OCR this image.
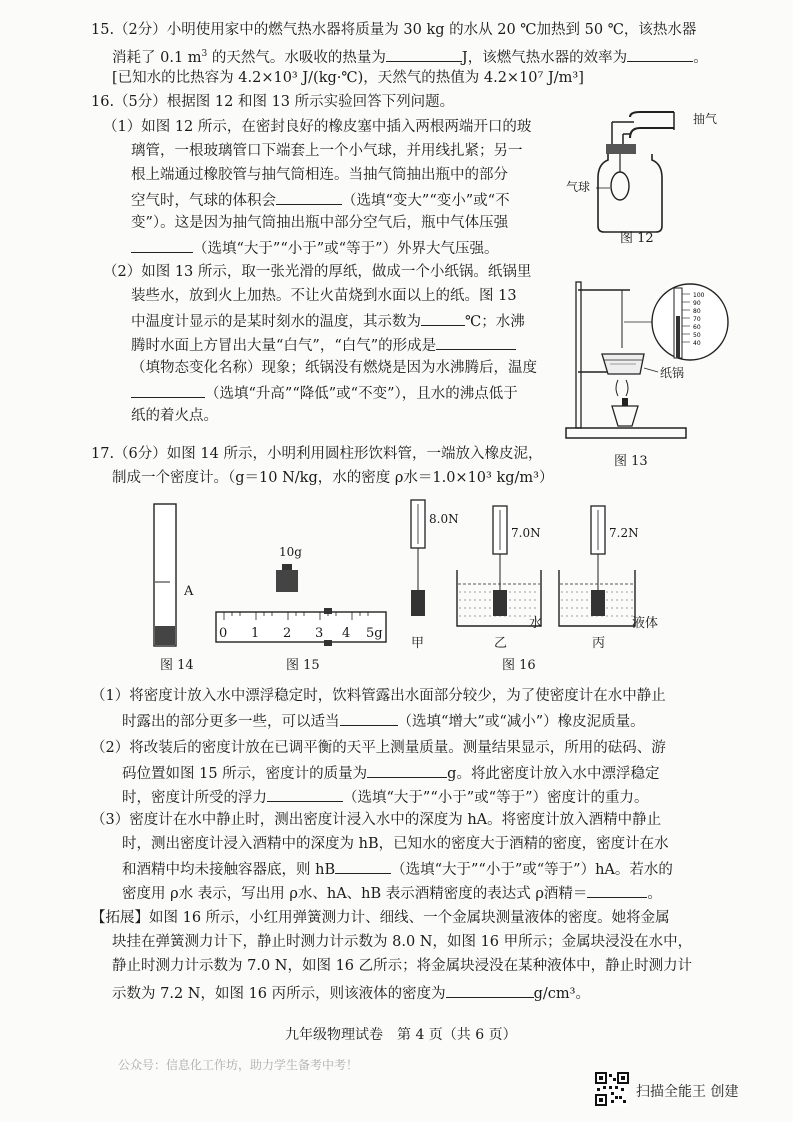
15.（2分）小明使用家中的燃气热水器将质量为 30 kg 的水从 20 ℃加热到 50 ℃，该热水器
消耗了 0.1 $m^3$ 的天然气。水吸收的热量为	J，该燃气热水器的效率为	。
[已知水的比热容为 4.2×10³ J/(kg·℃)，天然气的热值为 4.2×10⁷ J/m³]
16.（5分）根据图 12 和图 13 所示实验回答下列问题。
（1）如图 12 所示，在密封良好的橡皮塞中插入两根两端开口的玻
璃管，一根玻璃管口下端套上一个小气球，并用线扎紧；另一
根上端通过橡胶管与抽气筒相连。当抽气筒抽出瓶中的部分
空气时，气球的体积会	（选填“变大”“变小”或“不
变”）。这是因为抽气筒抽出瓶中部分空气后，瓶中气体压强
（选填“大于”“小于”或“等于”）外界大气压强。
（2）如图 13 所示，取一张光滑的厚纸，做成一个小纸锅。纸锅里
装些水，放到火上加热。不让火苗烧到水面以上的纸。图 13
中温度计显示的是某时刻水的温度，其示数为	℃；水沸
腾时水面上方冒出大量“白气”，“白气”的形成是
（填物态变化名称）现象；纸锅没有燃烧是因为水沸腾后，温度
（选填“升高”“降低”或“不变”），且水的沸点低于
纸的着火点。
抽气
气球
图 12
100
90
80
70
60
50
40
纸锅
图 13
17.（6分）如图 14 所示，小明利用圆柱形饮料管，一端放入橡皮泥，
制成一个密度计。（g＝10 N/kg，水的密度 ρ水＝1.0×10³ kg/m³）
A
图 14
10g
0 1 2 3 4 5g
图 15
8.0N
7.0N	7.2N
水	液体
甲	乙	丙
图 16
（1）将密度计放入水中漂浮稳定时，饮料管露出水面部分较少，为了使密度计在水中静止
时露出的部分更多一些，可以适当	（选填“增大”或“减小”）橡皮泥质量。
（2）将改装后的密度计放在已调平衡的天平上测量质量。测量结果显示，所用的砝码、游
码位置如图 15 所示，密度计的质量为	g。将此密度计放入水中漂浮稳定
时，密度计所受的浮力	（选填“大于”“小于”或“等于”）密度计的重力。
（3）密度计在水中静止时，测出密度计浸入水中的深度为 hA。将密度计放入酒精中静止
时，测出密度计浸入酒精中的深度为 hB，已知水的密度大于酒精的密度，密度计在水
和酒精中均未接触容器底，则 hB	（选填“大于”“小于”或“等于”）hA。若水的
密度用 ρ水 表示，写出用 ρ水、hA、hB 表示酒精密度的表达式 ρ酒精＝	。
【拓展】如图 16 所示，小红用弹簧测力计、细线、一个金属块测量液体的密度。她将金属
块挂在弹簧测力计下，静止时测力计示数为 8.0 N，如图 16 甲所示；金属块浸没在水中，
静止时测力计示数为 7.0 N，如图 16 乙所示；将金属块浸没在某种液体中，静止时测力计
示数为 7.2 N，如图 16 丙所示，则该液体的密度为	g/cm³。
九年级物理试卷　第 4 页（共 6 页）
公众号：信息化工作坊，助力学生备考中考！
扫描全能王 创建
